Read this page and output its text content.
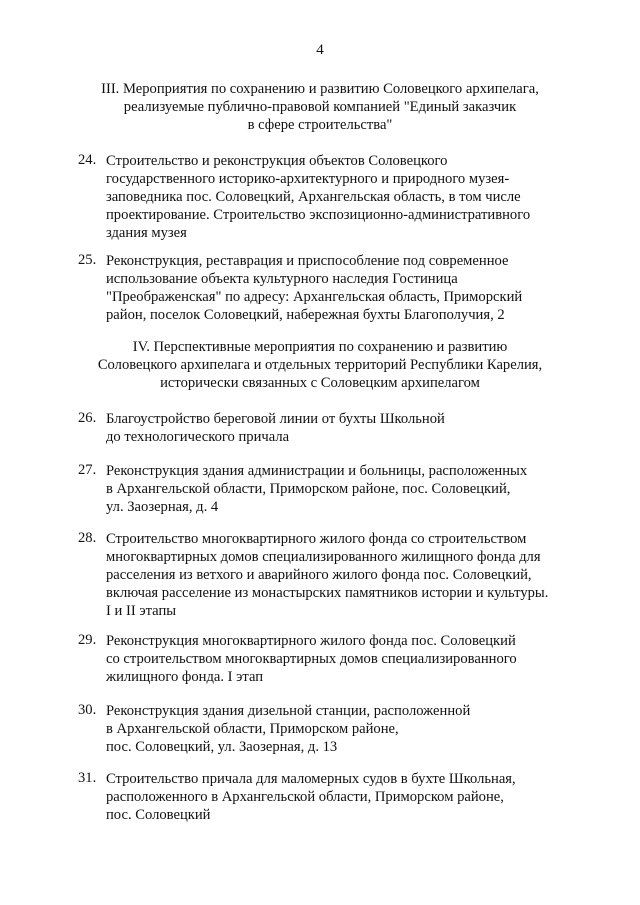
4
III. Мероприятия по сохранению и развитию Соловецкого архипелага,
реализуемые публично-правовой компанией "Единый заказчик
в сфере строительства"
24. Строительство и реконструкция объектов Соловецкого
государственного историко-архитектурного и природного музея-
заповедника пос. Соловецкий, Архангельская область, в том числе
проектирование. Строительство экспозиционно-административного
здания музея
25. Реконструкция, реставрация и приспособление под современное
использование объекта культурного наследия Гостиница
"Преображенская" по адресу: Архангельская область, Приморский
район, поселок Соловецкий, набережная бухты Благополучия, 2
IV. Перспективные мероприятия по сохранению и развитию
Соловецкого архипелага и отдельных территорий Республики Карелия,
исторически связанных с Соловецким архипелагом
26. Благоустройство береговой линии от бухты Школьной
до технологического причала
27. Реконструкция здания администрации и больницы, расположенных
в Архангельской области, Приморском районе, пос. Соловецкий,
ул. Заозерная, д. 4
28. Строительство многоквартирного жилого фонда со строительством
многоквартирных домов специализированного жилищного фонда для
расселения из ветхого и аварийного жилого фонда пос. Соловецкий,
включая расселение из монастырских памятников истории и культуры.
I и II этапы
29. Реконструкция многоквартирного жилого фонда пос. Соловецкий
со строительством многоквартирных домов специализированного
жилищного фонда. I этап
30. Реконструкция здания дизельной станции, расположенной
в Архангельской области, Приморском районе,
пос. Соловецкий, ул. Заозерная, д. 13
31. Строительство причала для маломерных судов в бухте Школьная,
расположенного в Архангельской области, Приморском районе,
пос. Соловецкий
